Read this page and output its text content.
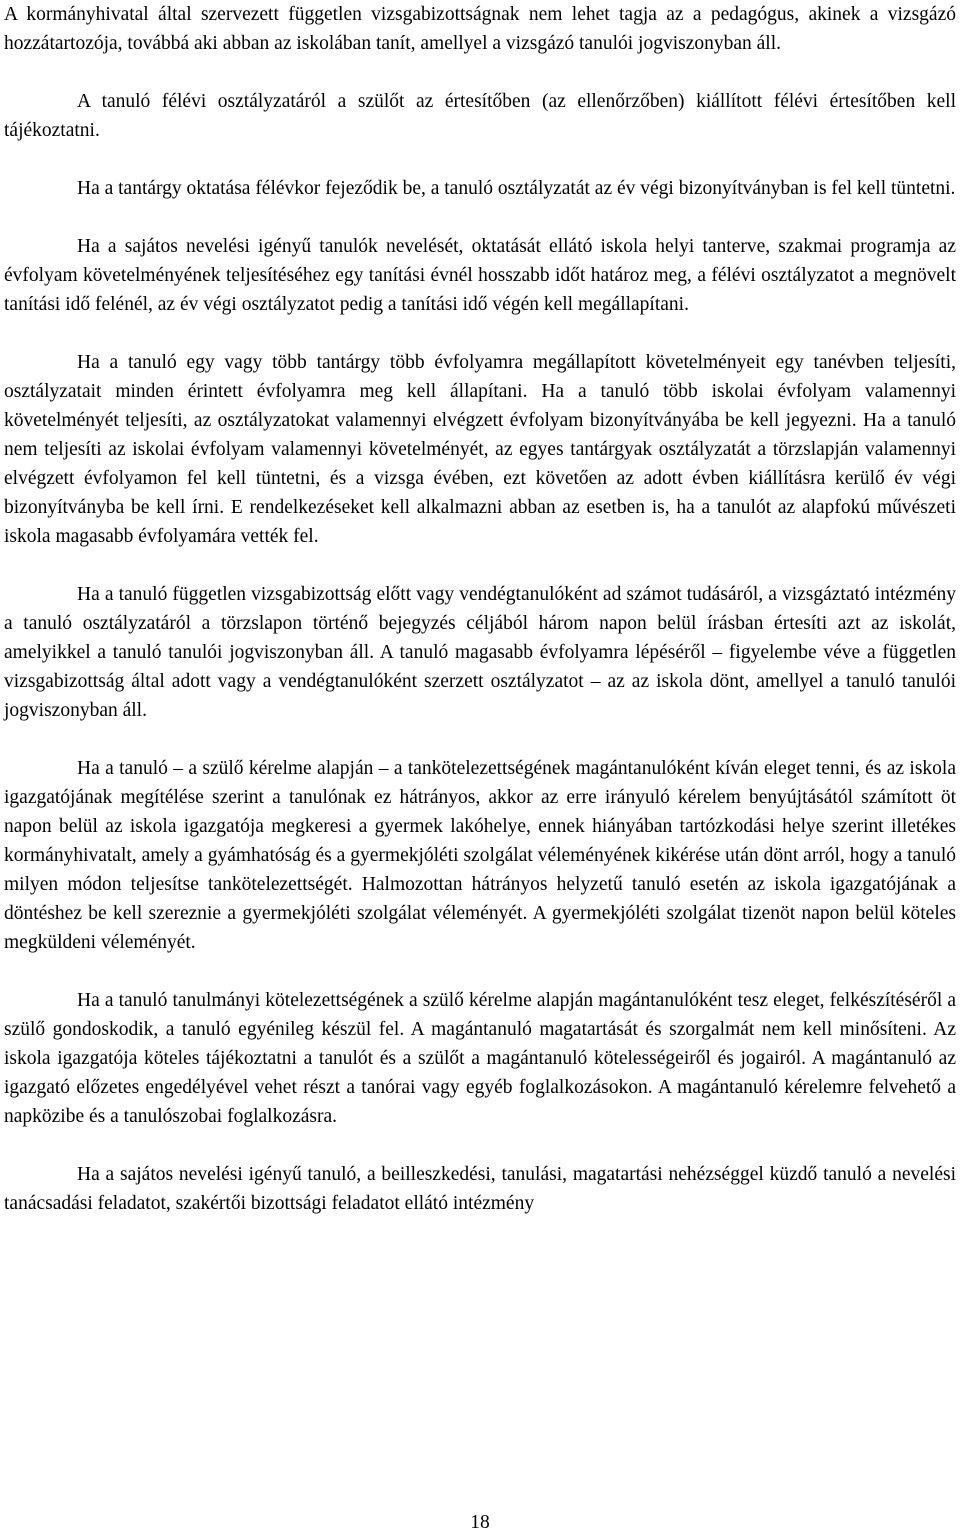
A kormányhivatal által szervezett független vizsgabizottságnak nem lehet tagja az a pedagógus, akinek a vizsgázó hozzátartozója, továbbá aki abban az iskolában tanít, amellyel a vizsgázó tanulói jogviszonyban áll.

A tanuló félévi osztályzatáról a szülőt az értesítőben (az ellenőrzőben) kiállított félévi értesítőben kell tájékoztatni.

Ha a tantárgy oktatása félévkor fejeződik be, a tanuló osztályzatát az év végi bizonyítványban is fel kell tüntetni.

Ha a sajátos nevelési igényű tanulók nevelését, oktatását ellátó iskola helyi tanterve, szakmai programja az évfolyam követelményének teljesítéséhez egy tanítási évnél hosszabb időt határoz meg, a félévi osztályzatot a megnövelt tanítási idő felénél, az év végi osztályzatot pedig a tanítási idő végén kell megállapítani.

Ha a tanuló egy vagy több tantárgy több évfolyamra megállapított követelményeit egy tanévben teljesíti, osztályzatait minden érintett évfolyamra meg kell állapítani. Ha a tanuló több iskolai évfolyam valamennyi követelményét teljesíti, az osztályzatokat valamennyi elvégzett évfolyam bizonyítványába be kell jegyezni. Ha a tanuló nem teljesíti az iskolai évfolyam valamennyi követelményét, az egyes tantárgyak osztályzatát a törzslapján valamennyi elvégzett évfolyamon fel kell tüntetni, és a vizsga évében, ezt követően az adott évben kiállításra kerülő év végi bizonyítványba be kell írni. E rendelkezéseket kell alkalmazni abban az esetben is, ha a tanulót az alapfokú művészeti iskola magasabb évfolyamára vették fel.

Ha a tanuló független vizsgabizottság előtt vagy vendégtanulóként ad számot tudásáról, a vizsgáztató intézmény a tanuló osztályzatáról a törzslapon történő bejegyzés céljából három napon belül írásban értesíti azt az iskolát, amelyikkel a tanuló tanulói jogviszonyban áll. A tanuló magasabb évfolyamra lépéséről – figyelembe véve a független vizsgabizottság által adott vagy a vendégtanulóként szerzett osztályzatot – az az iskola dönt, amellyel a tanuló tanulói jogviszonyban áll.

Ha a tanuló – a szülő kérelme alapján – a tankötelezettségének magántanulóként kíván eleget tenni, és az iskola igazgatójának megítélése szerint a tanulónak ez hátrányos, akkor az erre irányuló kérelem benyújtásától számított öt napon belül az iskola igazgatója megkeresi a gyermek lakóhelye, ennek hiányában tartózkodási helye szerint illetékes kormányhivatalt, amely a gyámhatóság és a gyermekjóléti szolgálat véleményének kikérése után dönt arról, hogy a tanuló milyen módon teljesítse tankötelezettségét. Halmozottan hátrányos helyzetű tanuló esetén az iskola igazgatójának a döntéshez be kell szereznie a gyermekjóléti szolgálat véleményét. A gyermekjóléti szolgálat tizenöt napon belül köteles megküldeni véleményét.

Ha a tanuló tanulmányi kötelezettségének a szülő kérelme alapján magántanulóként tesz eleget, felkészítéséről a szülő gondoskodik, a tanuló egyénileg készül fel. A magántanuló magatartását és szorgalmát nem kell minősíteni. Az iskola igazgatója köteles tájékoztatni a tanulót és a szülőt a magántanuló kötelességeiről és jogairól. A magántanuló az igazgató előzetes engedélyével vehet részt a tanórai vagy egyéb foglalkozásokon. A magántanuló kérelemre felvehető a napközibe és a tanulószobai foglalkozásra.

Ha a sajátos nevelési igényű tanuló, a beilleszkedési, tanulási, magatartási nehézséggel küzdő tanuló a nevelési tanácsadási feladatot, szakértői bizottsági feladatot ellátó intézmény

18
